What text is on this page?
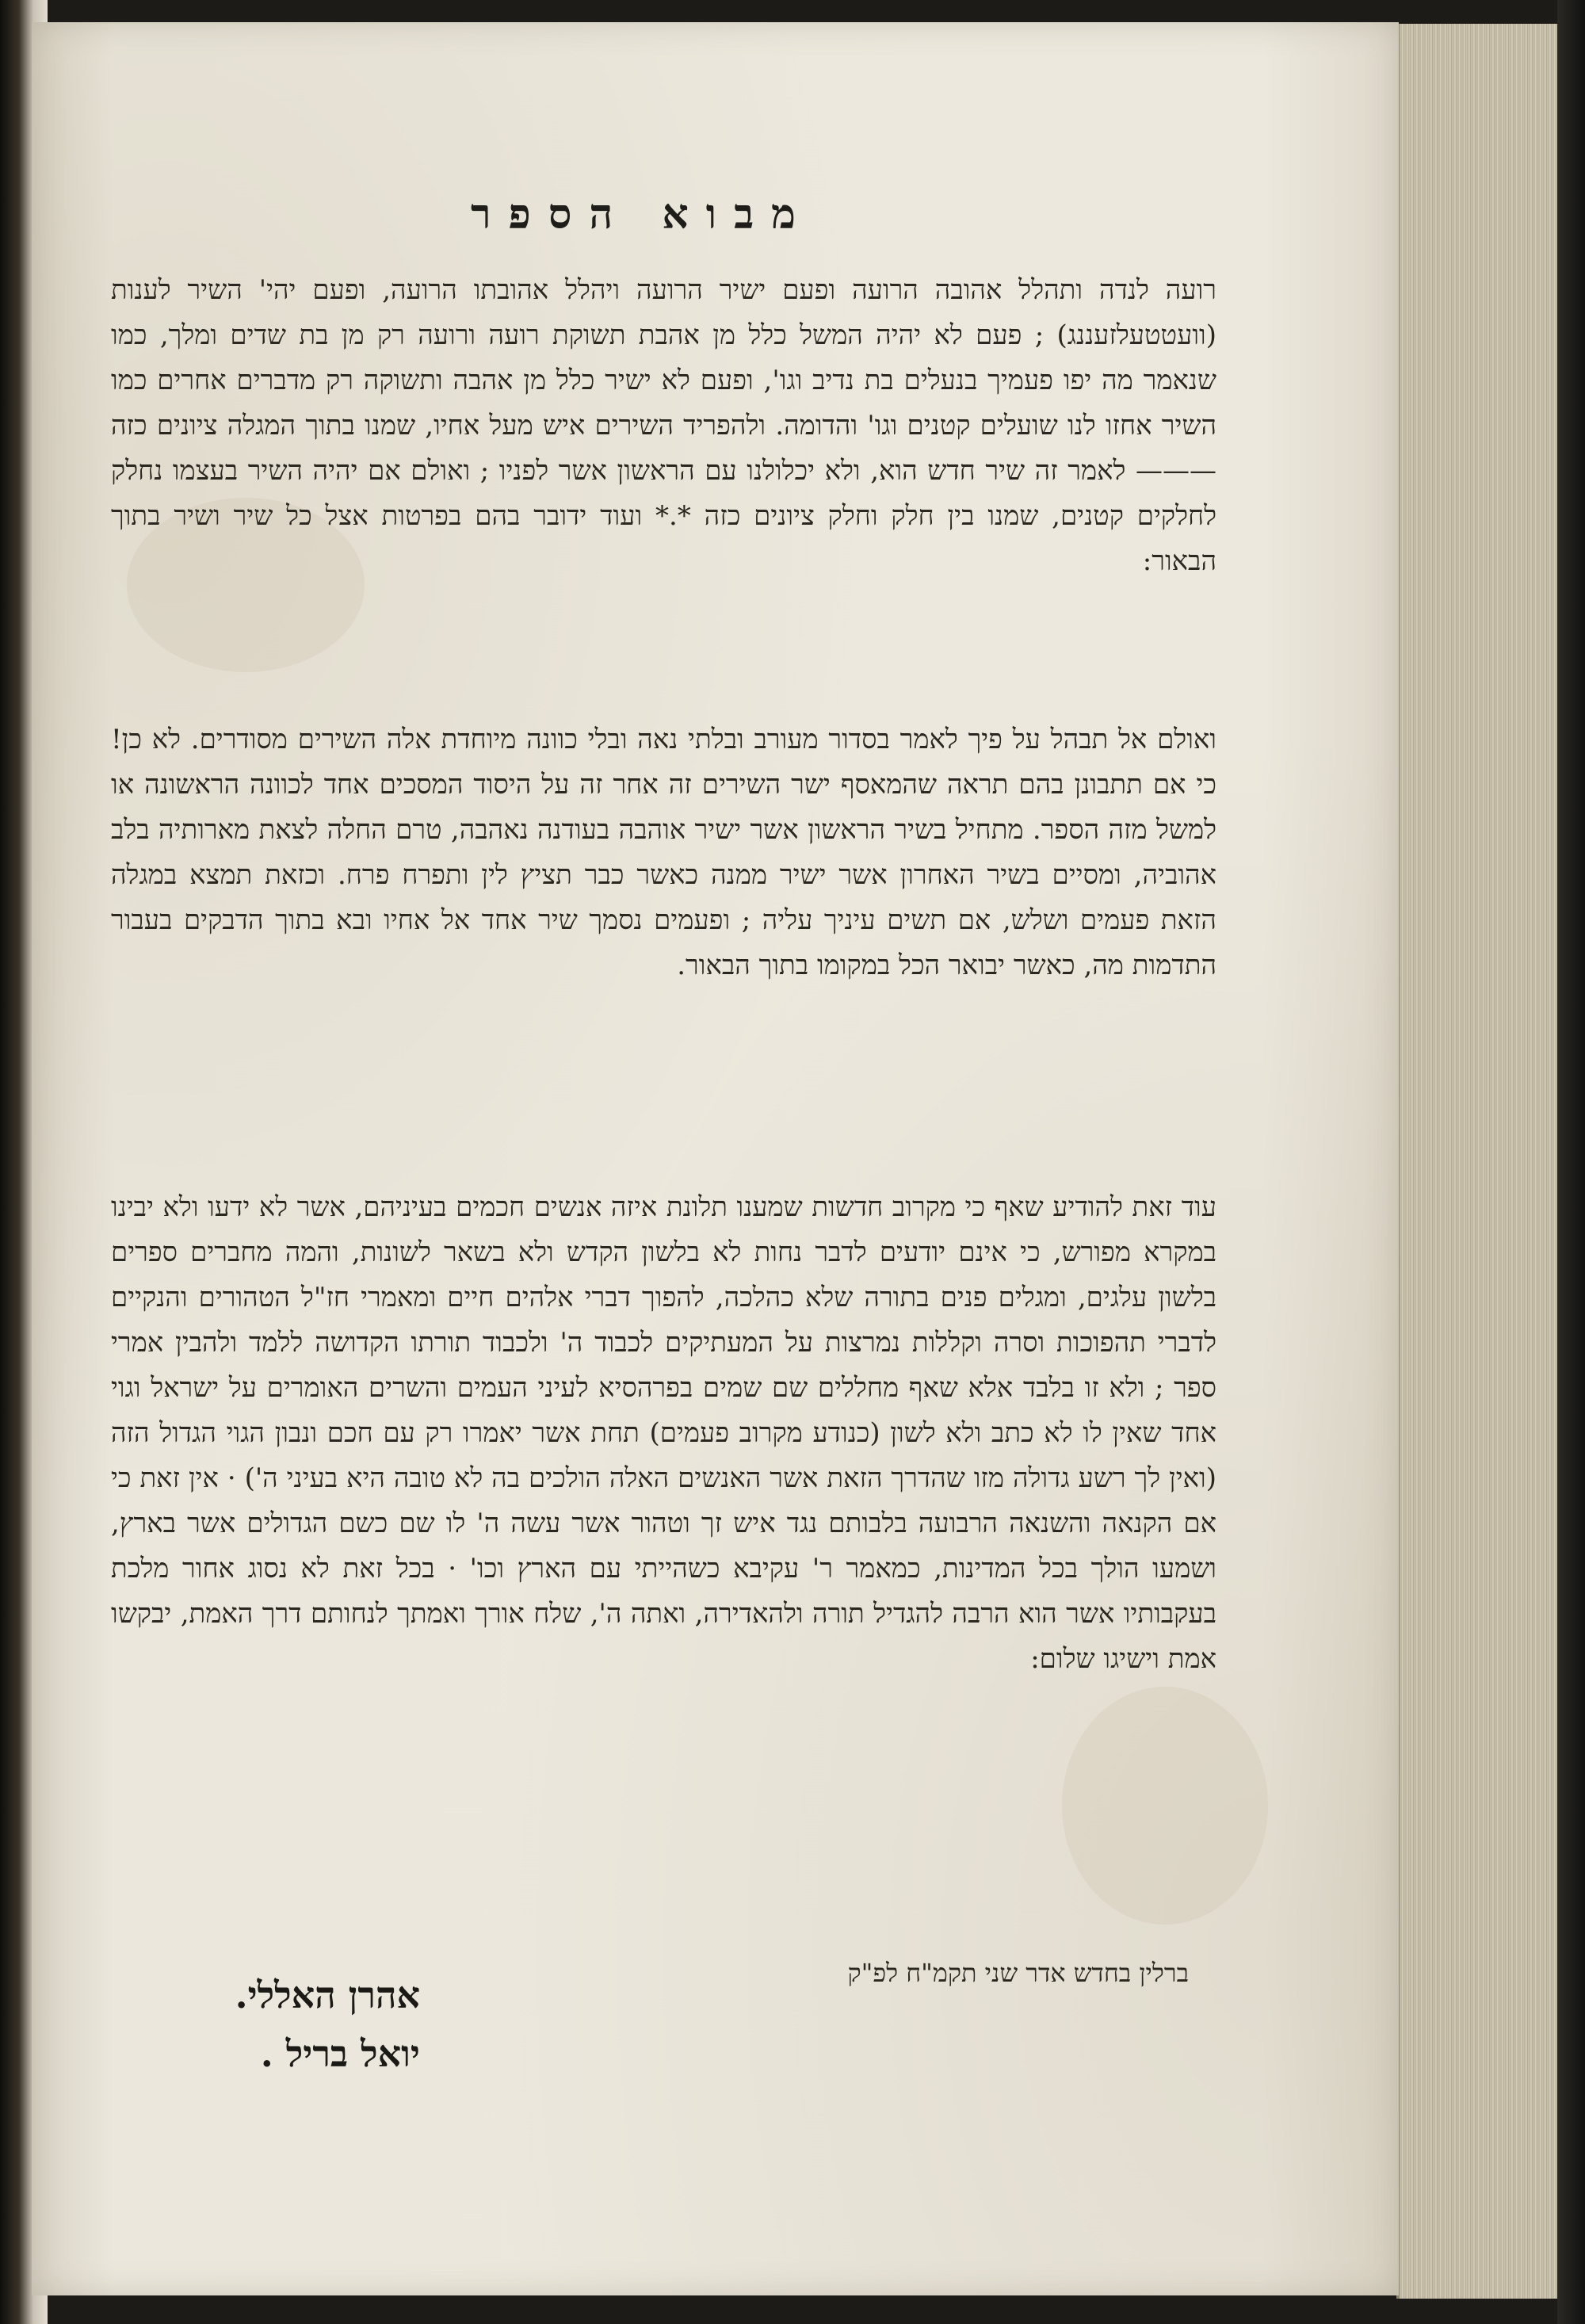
מבוא הספר
רועה לנדה ותהלל אהובה הרועה ופעם ישיר הרועה ויהלל אהובתו הרועה, ופעם יהי' השיר לענות (וועטטעלזעננג) ; פעם לא יהיה המשל כלל מן אהבת תשוקת רועה ורועה רק מן בת שדים ומלך, כמו שנאמר מה יפו פעמיך בנעלים בת נדיב וגו', ופעם לא ישיר כלל מן אהבה ותשוקה רק מדברים אחרים כמו השיר אחזו לנו שועלים קטנים וגו' והדומה. ולהפריד השירים איש מעל אחיו, שמנו בתוך המגלה ציונים כזה ——— לאמר זה שיר חדש הוא, ולא יכלולנו עם הראשון אשר לפניו ; ואולם אם יהיה השיר בעצמו נחלק לחלקים קטנים, שמנו בין חלק וחלק ציונים כזה *.* ועוד ידובר בהם בפרטות אצל כל שיר ושיר בתוך הבאור:
ואולם אל תבהל על פיך לאמר בסדור מעורב ובלתי נאה ובלי כוונה מיוחדת אלה השירים מסודרים. לא כן! כי אם תתבונן בהם תראה שהמאסף ישר השירים זה אחר זה על היסוד המסכים אחד לכוונה הראשונה או למשל מזה הספר. מתחיל בשיר הראשון אשר ישיר אוהבה בעודנה נאהבה, טרם החלה לצאת מארותיה בלב אהוביה, ומסיים בשיר האחרון אשר ישיר ממנה כאשר כבר תציץ לין ותפרח פרח. וכזאת תמצא במגלה הזאת פעמים ושלש, אם תשים עיניך עליה ; ופעמים נסמך שיר אחד אל אחיו ובא בתוך הדבקים בעבור התדמות מה, כאשר יבואר הכל במקומו בתוך הבאור.
עוד זאת להודיע שאף כי מקרוב חדשות שמענו תלונת איזה אנשים חכמים בעיניהם, אשר לא ידעו ולא יבינו במקרא מפורש, כי אינם יודעים לדבר נחות לא בלשון הקדש ולא בשאר לשונות, והמה מחברים ספרים בלשון עלגים, ומגלים פנים בתורה שלא כהלכה, להפוך דברי אלהים חיים ומאמרי חז"ל הטהורים והנקיים לדברי תהפוכות וסרה וקללות נמרצות על המעתיקים לכבוד ה' ולכבוד תורתו הקדושה ללמד ולהבין אמרי ספר ; ולא זו בלבד אלא שאף מחללים שם שמים בפרהסיא לעיני העמים והשרים האומרים על ישראל וגוי אחד שאין לו לא כתב ולא לשון (כנודע מקרוב פעמים) תחת אשר יאמרו רק עם חכם ונבון הגוי הגדול הזה (ואין לך רשע גדולה מזו שהדרך הזאת אשר האנשים האלה הולכים בה לא טובה היא בעיני ה') · אין זאת כי אם הקנאה והשנאה הרבועה בלבותם נגד איש זך וטהור אשר עשה ה' לו שם כשם הגדולים אשר בארץ, ושמעו הולך בכל המדינות, כמאמר ר' עקיבא כשהייתי עם הארץ וכו' · בכל זאת לא נסוג אחור מלכת בעקבותיו אשר הוא הרבה להגדיל תורה ולהאדירה, ואתה ה', שלח אורך ואמתך לנחותם דרך האמת, יבקשו אמת וישיגו שלום:
ברלין בחדש אדר שני תקמ"ח לפ"ק
אהרן האללי.
יואל בריל .
